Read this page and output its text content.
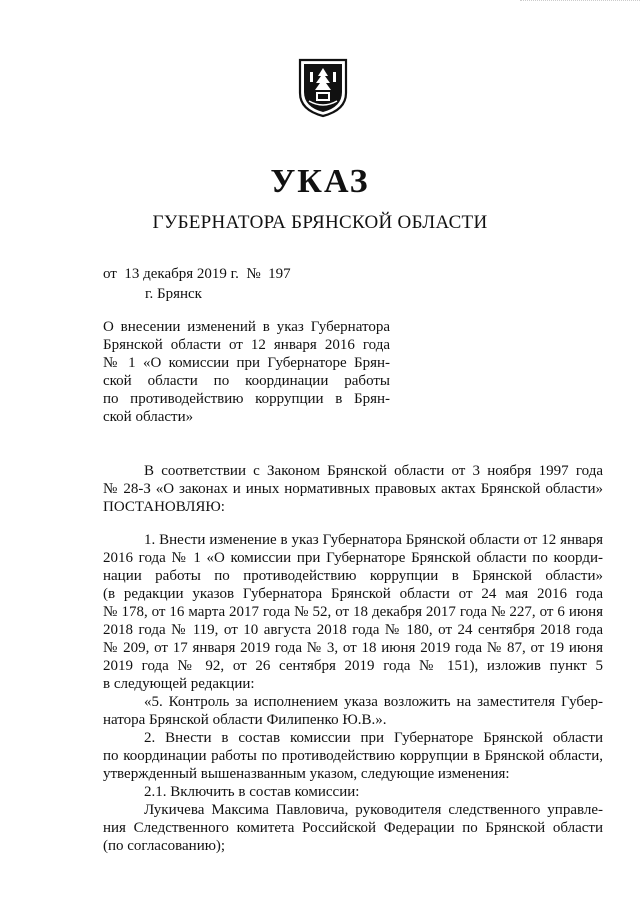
УКАЗ
ГУБЕРНАТОРА БРЯНСКОЙ ОБЛАСТИ
от  13 декабря 2019 г.  №  197
г. Брянск
О внесении изменений в указ Губернатора
Брянской области от 12 января 2016 года
№ 1 «О комиссии при Губернаторе Брян-
ской области по координации работы
по противодействию коррупции в Брян-
ской области»

В соответствии с Законом Брянской области от 3 ноября 1997 года

№ 28-З «О законах и иных нормативных правовых актах Брянской области»

ПОСТАНОВЛЯЮ:

1. Внести изменение в указ Губернатора Брянской области от 12 января

2016 года № 1 «О комиссии при Губернаторе Брянской области по коорди-

нации работы по противодействию коррупции в Брянской области»

(в редакции указов Губернатора Брянской области от 24 мая 2016 года

№ 178, от 16 марта 2017 года № 52, от 18 декабря 2017 года № 227, от 6 июня

2018 года № 119, от 10 августа 2018 года № 180, от 24 сентября 2018 года

№ 209, от 17 января 2019 года № 3, от 18 июня 2019 года № 87, от 19 июня

2019 года № 92, от 26 сентября 2019 года № 151), изложив пункт 5

в следующей редакции:

«5. Контроль за исполнением указа возложить на заместителя Губер-

натора Брянской области Филипенко Ю.В.».

2. Внести в состав комиссии при Губернаторе Брянской области

по координации работы по противодействию коррупции в Брянской области,

утвержденный вышеназванным указом, следующие изменения:

2.1. Включить в состав комиссии:

Лукичева Максима Павловича, руководителя следственного управле-

ния Следственного комитета Российской Федерации по Брянской области

(по согласованию);
